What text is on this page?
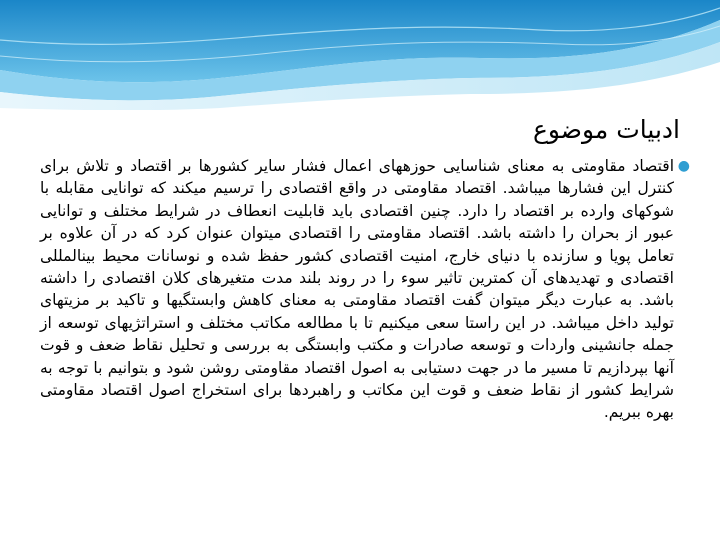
ادبیات موضوع
●

اقتصاد مقاومتی به معنای شناسایی حوزههای اعمال فشار سایر کشورها بر اقتصاد و تلاش برای کنترل این فشارها میباشد. اقتصاد مقاومتی در واقع اقتصادی را ترسیم میکند که توانایی مقابله با شوکهای وارده بر اقتصاد را دارد. چنین اقتصادی باید قابلیت انعطاف در شرایط مختلف و توانایی عبور از بحران را داشته باشد. اقتصاد مقاومتی را اقتصادی میتوان عنوان کرد که در آن علاوه بر تعامل پویا و سازنده با دنیای خارج، امنیت اقتصادی کشور حفظ شده و نوسانات محیط بینالمللی اقتصادی و تهدیدهای آن کمترین تاثیر سوء را در روند بلند مدت متغیرهای کلان اقتصادی را داشته باشد. به عبارت دیگر میتوان گفت اقتصاد مقاومتی به معنای کاهش وابستگیها و تاکید بر مزیتهای تولید داخل میباشد. در این راستا سعی میکنیم تا با مطالعه مکاتب مختلف و استراتژیهای توسعه از جمله جانشینی واردات و توسعه صادرات و مکتب وابستگی به بررسی و تحلیل نقاط ضعف و قوت آنها بپردازیم تا مسیر ما در جهت دستیابی به اصول اقتصاد مقاومتی روشن شود و بتوانیم با توجه به شرایط کشور از نقاط ضعف و قوت این مکاتب و راهبردها برای استخراج اصول اقتصاد مقاومتی بهره ببریم.
